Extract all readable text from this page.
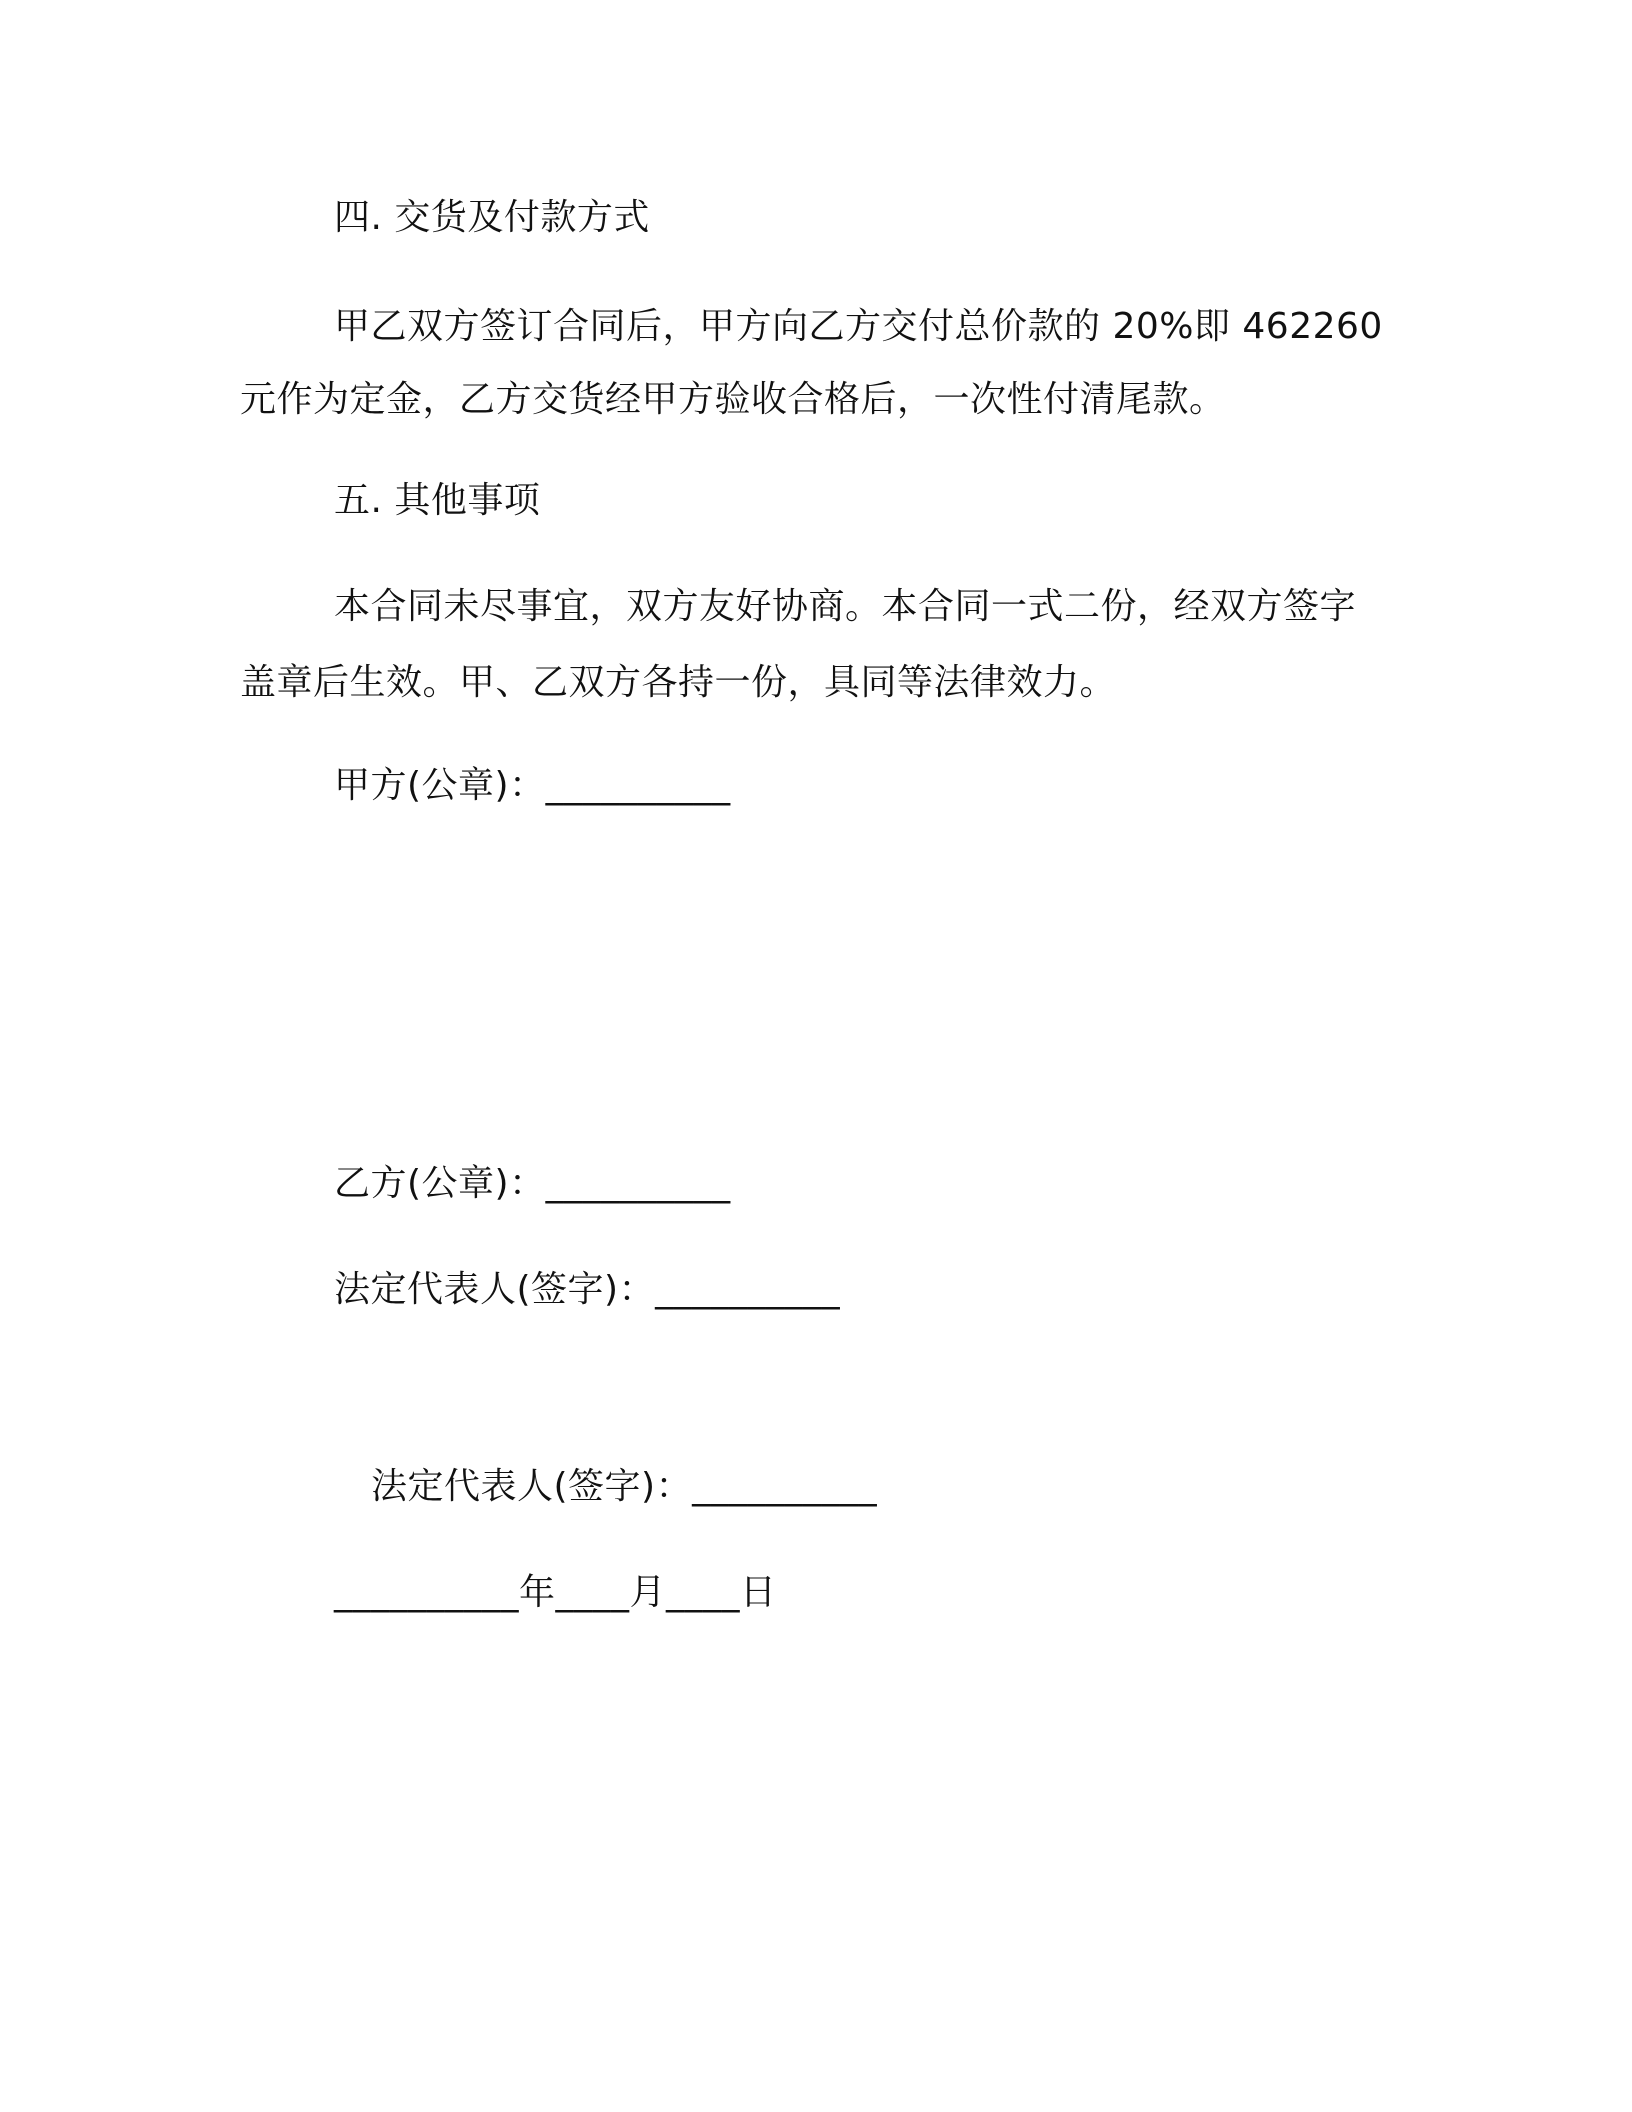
四. 交货及付款方式
甲乙双方签订合同后，甲方向乙方交付总价款的 20%即 462260
元作为定金，乙方交货经甲方验收合格后，一次性付清尾款。
五. 其他事项
本合同未尽事宜，双方友好协商。本合同一式二份，经双方签字
盖章后生效。甲、乙双方各持一份，具同等法律效力。
甲方(公章)：__________
乙方(公章)：__________
法定代表人(签字)：__________
法定代表人(签字)：__________
__________年____月____日
